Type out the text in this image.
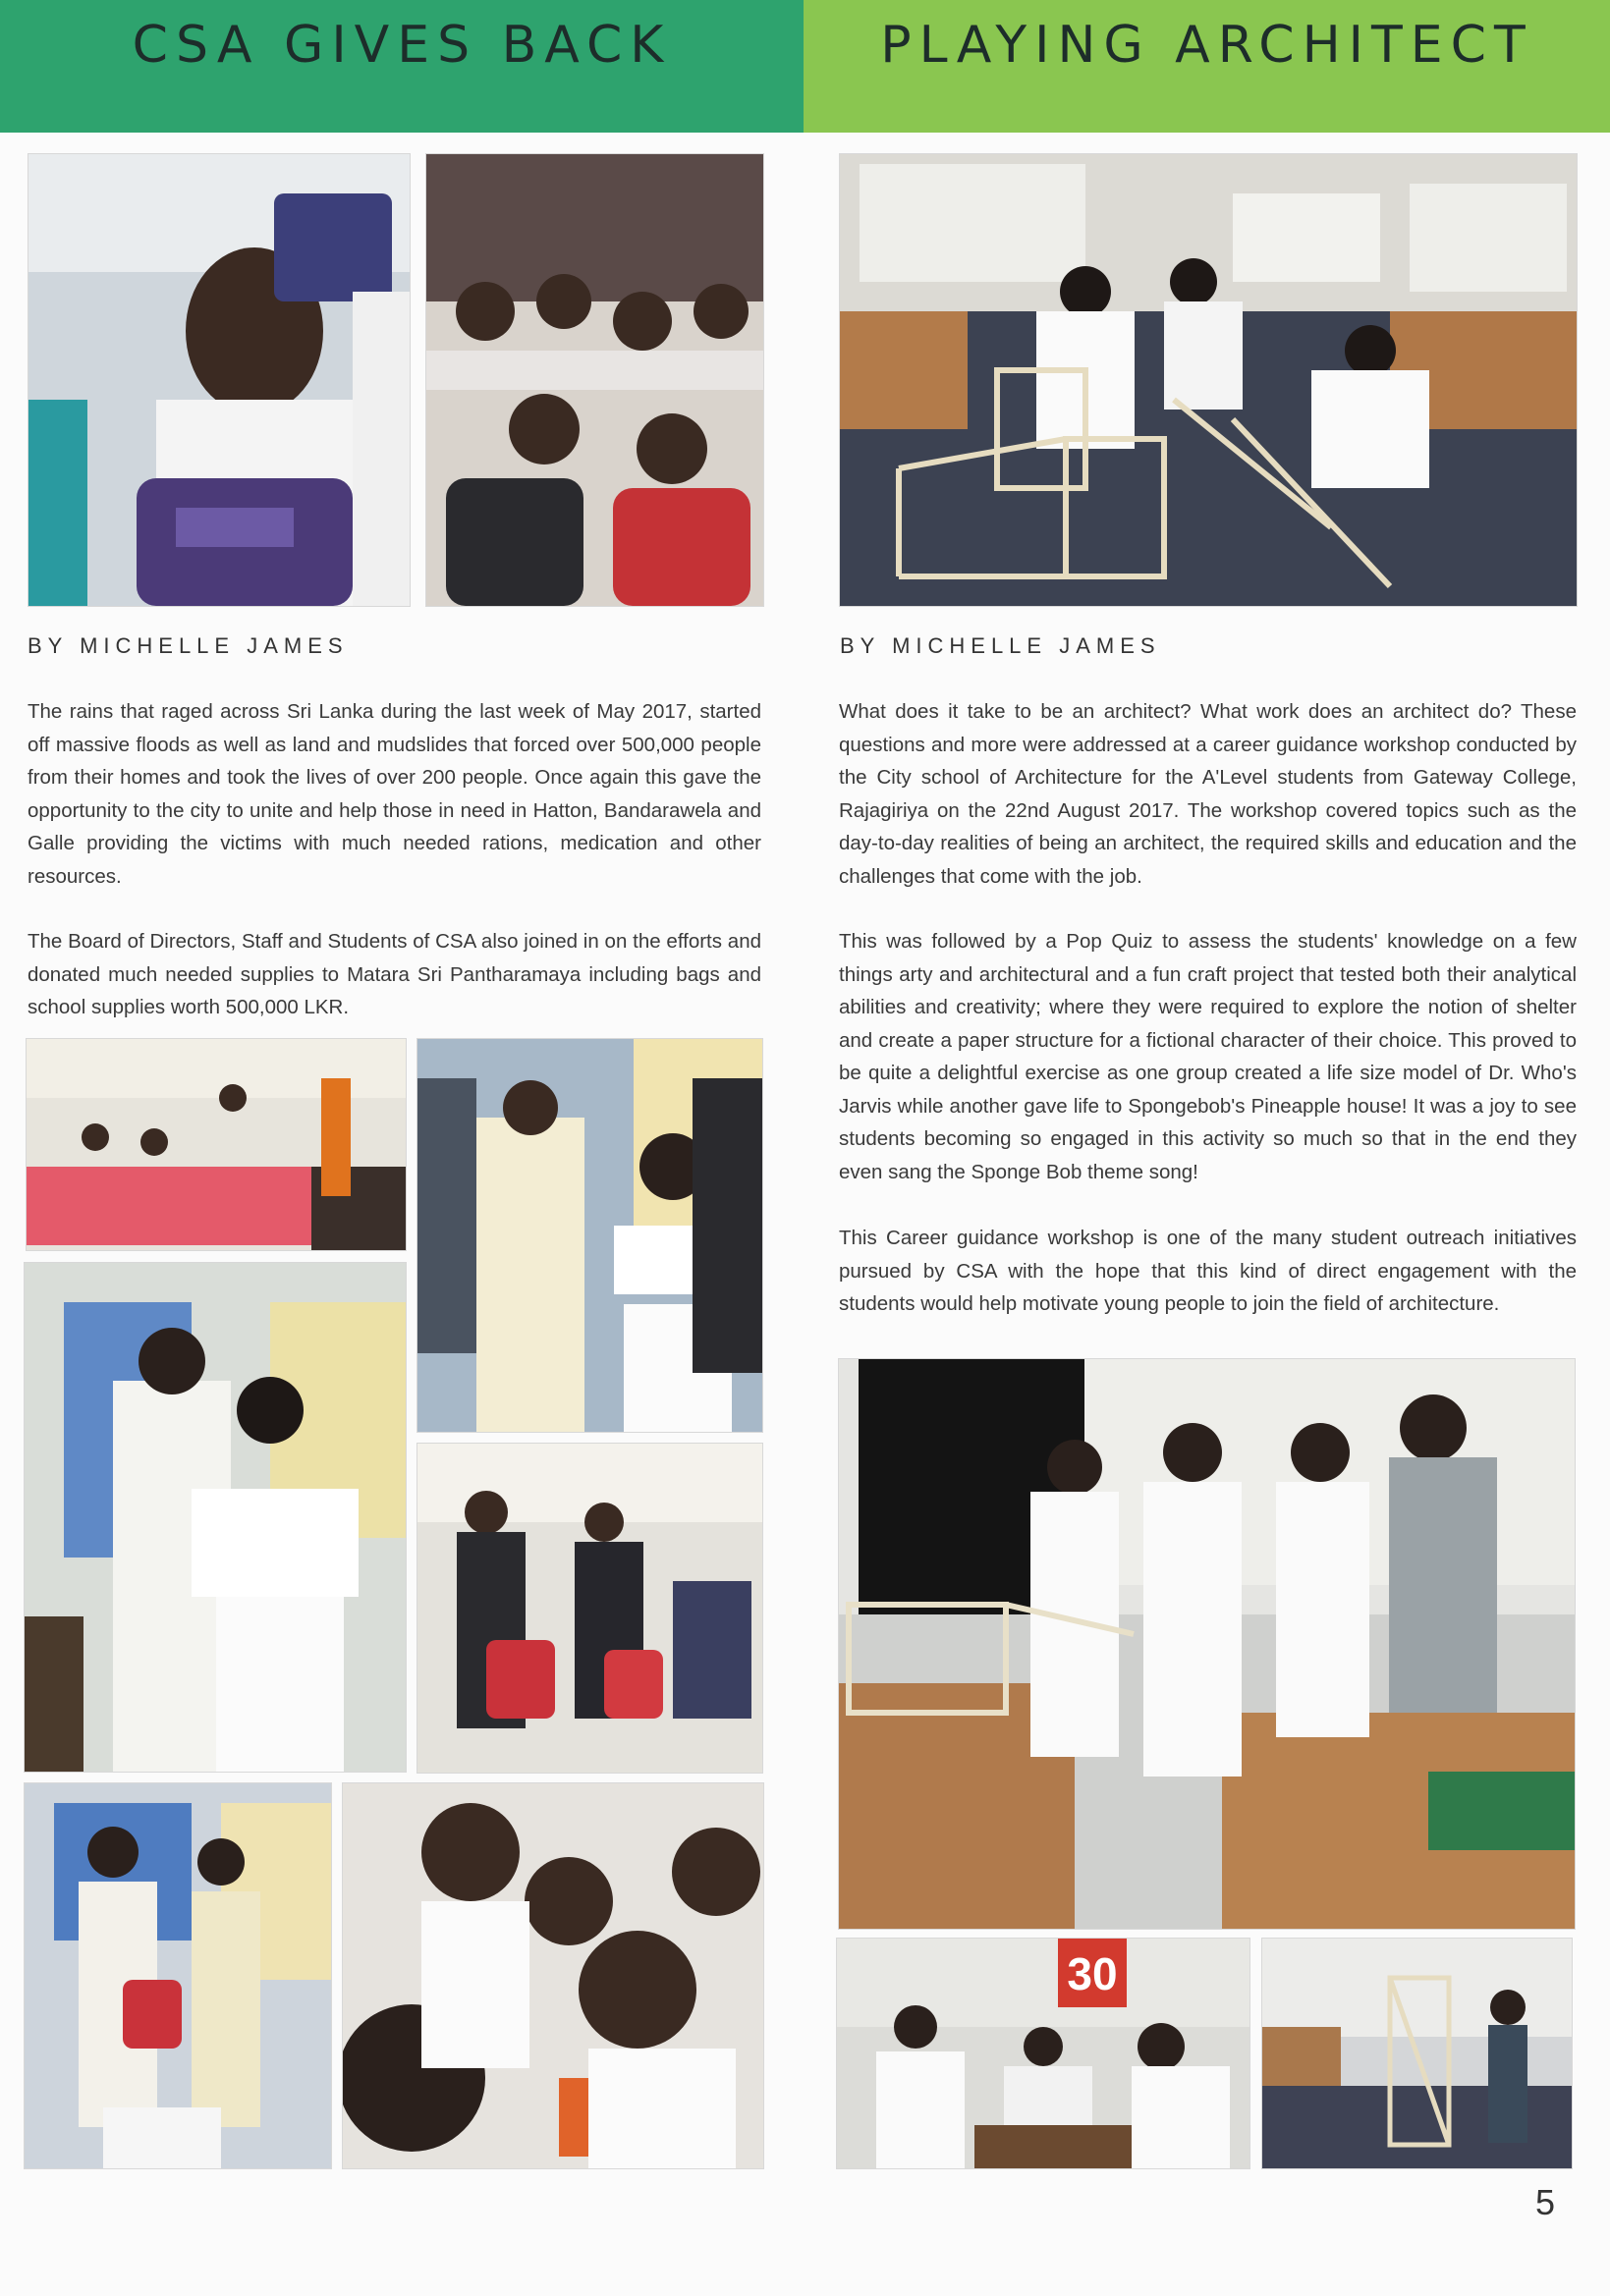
CSA GIVES BACK	PLAYING ARCHITECT
BY MICHELLE JAMES

The rains that raged across Sri Lanka during the last week of May 2017, started off massive floods as well as land and mudslides that forced over 500,000 people from their homes and took the lives of over 200 people. Once again this gave the opportunity to the city to unite and help those in need in Hatton, Bandarawela and Galle providing the victims with much needed rations, medication and other resources.

The Board of Directors, Staff and Students of CSA also joined in on the efforts and donated much needed supplies to Matara Sri Pantharamaya including bags and school supplies worth 500,000 LKR.

BY MICHELLE JAMES

What does it take to be an architect? What work does an architect do? These questions and more were addressed at a career guidance workshop conducted by the City school of Architecture for the A'Level students from Gateway College, Rajagiriya on the 22nd August 2017. The workshop covered topics such as the day-to-day realities of being an architect, the required skills and education and the challenges that come with the job.

This was followed by a Pop Quiz to assess the students' knowledge on a few things arty and architectural and a fun craft project that tested both their analytical abilities and creativity; where they were required to explore the notion of shelter and create a paper structure for a fictional character of their choice. This proved to be quite a delightful exercise as one group created a life size model of Dr. Who's Jarvis while another gave life to Spongebob's Pineapple house! It was a joy to see students becoming so engaged in this activity so much so that in the end they even sang the Sponge Bob theme song!

This Career guidance workshop is one of the many student outreach initiatives pursued by CSA with the hope that this kind of direct engagement with the students would help motivate young people to join the field of architecture.

30
5
